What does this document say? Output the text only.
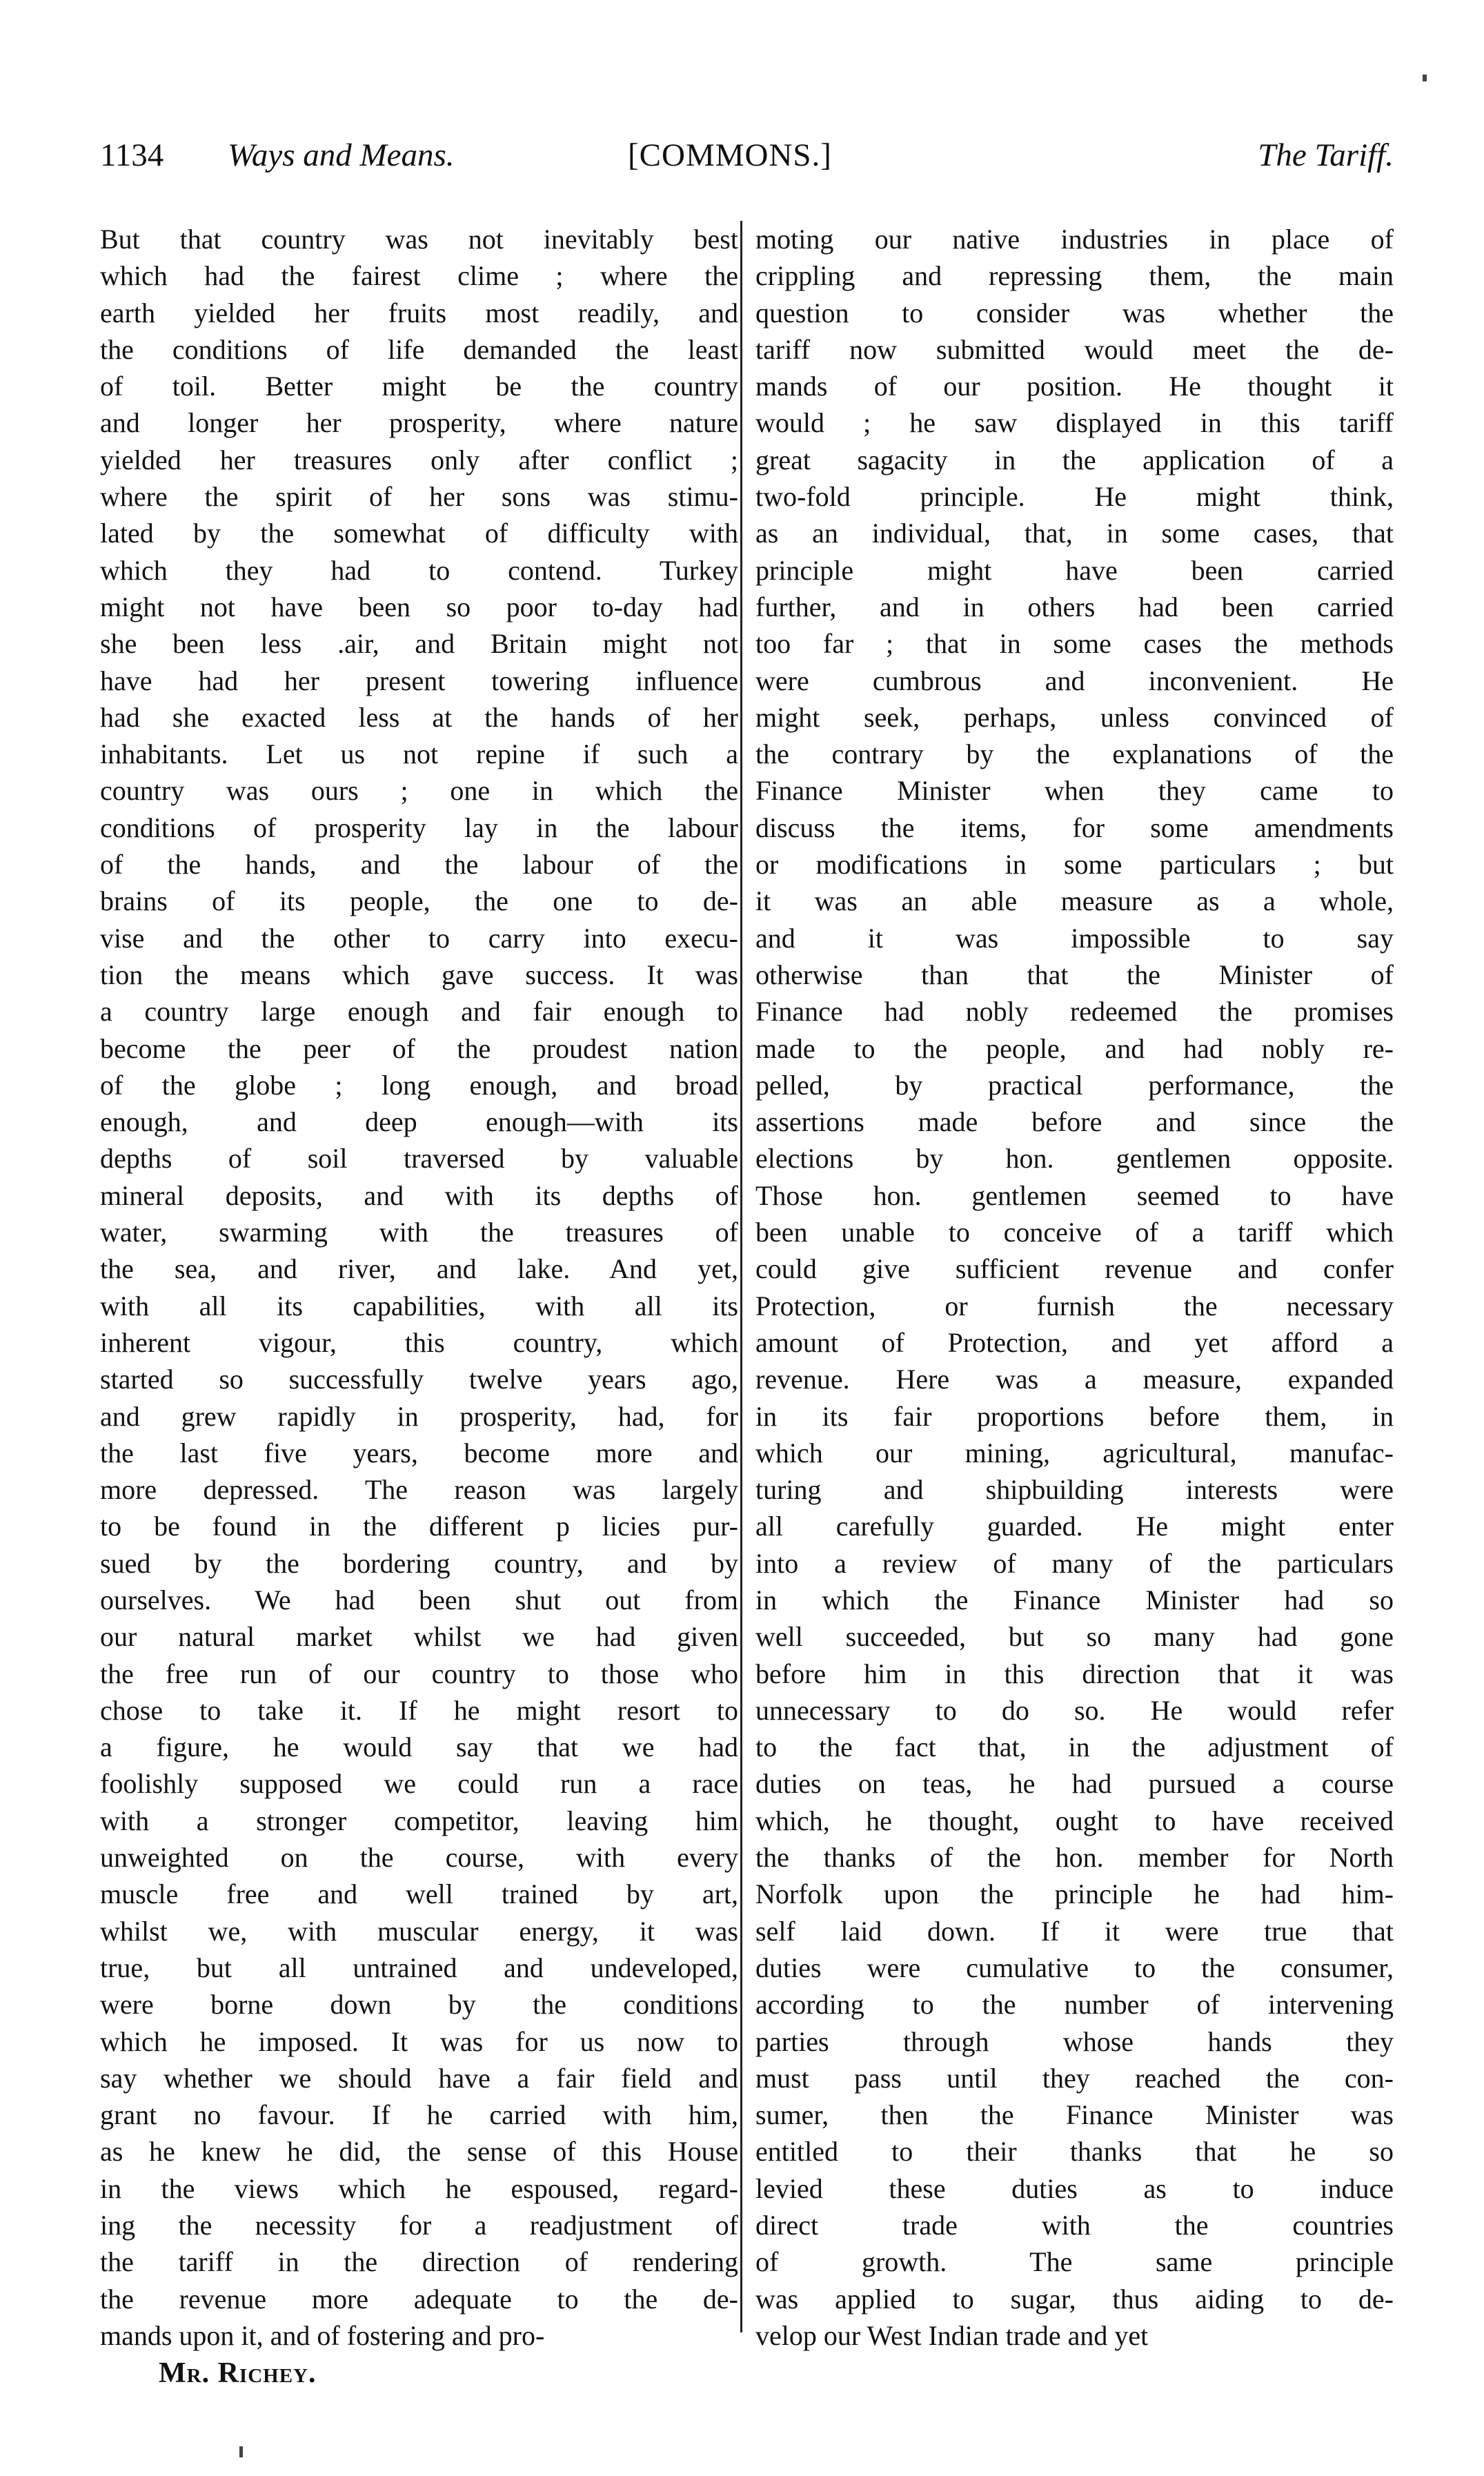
1134 Ways and Means.	[COMMONS.]	The Tariff.
But that country was not inevitably best
which had the fairest clime ; where the
earth yielded her fruits most readily, and
the conditions of life demanded the least
of toil. Better might be the country
and longer her prosperity, where nature
yielded her treasures only after conflict ;
where the spirit of her sons was stimu-
lated by the somewhat of difficulty with
which they had to contend. Turkey
might not have been so poor to-day had
she been less .air, and Britain might not
have had her present towering influence
had she exacted less at the hands of her
inhabitants. Let us not repine if such a
country was ours ; one in which the
conditions of prosperity lay in the labour
of the hands, and the labour of the
brains of its people, the one to de-
vise and the other to carry into execu-
tion the means which gave success. It was
a country large enough and fair enough to
become the peer of the proudest nation
of the globe ; long enough, and broad
enough, and deep enough—with its
depths of soil traversed by valuable
mineral deposits, and with its depths of
water, swarming with the treasures of
the sea, and river, and lake. And yet,
with all its capabilities, with all its
inherent vigour, this country, which
started so successfully twelve years ago,
and grew rapidly in prosperity, had, for
the last five years, become more and
more depressed. The reason was largely
to be found in the different p licies pur-
sued by the bordering country, and by
ourselves. We had been shut out from
our natural market whilst we had given
the free run of our country to those who
chose to take it. If he might resort to
a figure, he would say that we had
foolishly supposed we could run a race
with a stronger competitor, leaving him
unweighted on the course, with every
muscle free and well trained by art,
whilst we, with muscular energy, it was
true, but all untrained and undeveloped,
were borne down by the conditions
which he imposed. It was for us now to
say whether we should have a fair field and
grant no favour. If he carried with him,
as he knew he did, the sense of this House
in the views which he espoused, regard-
ing the necessity for a readjustment of
the tariff in the direction of rendering
the revenue more adequate to the de-
mands upon it, and of fostering and pro-
moting our native industries in place of
crippling and repressing them, the main
question to consider was whether the
tariff now submitted would meet the de-
mands of our position. He thought it
would ; he saw displayed in this tariff
great sagacity in the application of a
two-fold principle. He might think,
as an individual, that, in some cases, that
principle might have been carried
further, and in others had been carried
too far ; that in some cases the methods
were cumbrous and inconvenient. He
might seek, perhaps, unless convinced of
the contrary by the explanations of the
Finance Minister when they came to
discuss the items, for some amendments
or modifications in some particulars ; but
it was an able measure as a whole,
and it was impossible to say
otherwise than that the Minister of
Finance had nobly redeemed the promises
made to the people, and had nobly re-
pelled, by practical performance, the
assertions made before and since the
elections by hon. gentlemen opposite.
Those hon. gentlemen seemed to have
been unable to conceive of a tariff which
could give sufficient revenue and confer
Protection, or furnish the necessary
amount of Protection, and yet afford a
revenue. Here was a measure, expanded
in its fair proportions before them, in
which our mining, agricultural, manufac-
turing and shipbuilding interests were
all carefully guarded. He might enter
into a review of many of the particulars
in which the Finance Minister had so
well succeeded, but so many had gone
before him in this direction that it was
unnecessary to do so. He would refer
to the fact that, in the adjustment of
duties on teas, he had pursued a course
which, he thought, ought to have received
the thanks of the hon. member for North
Norfolk upon the principle he had him-
self laid down. If it were true that
duties were cumulative to the consumer,
according to the number of intervening
parties through whose hands they
must pass until they reached the con-
sumer, then the Finance Minister was
entitled to their thanks that he so
levied these duties as to induce
direct trade with the countries
of growth. The same principle
was applied to sugar, thus aiding to de-
velop our West Indian trade and yet
Mr. Richey.
